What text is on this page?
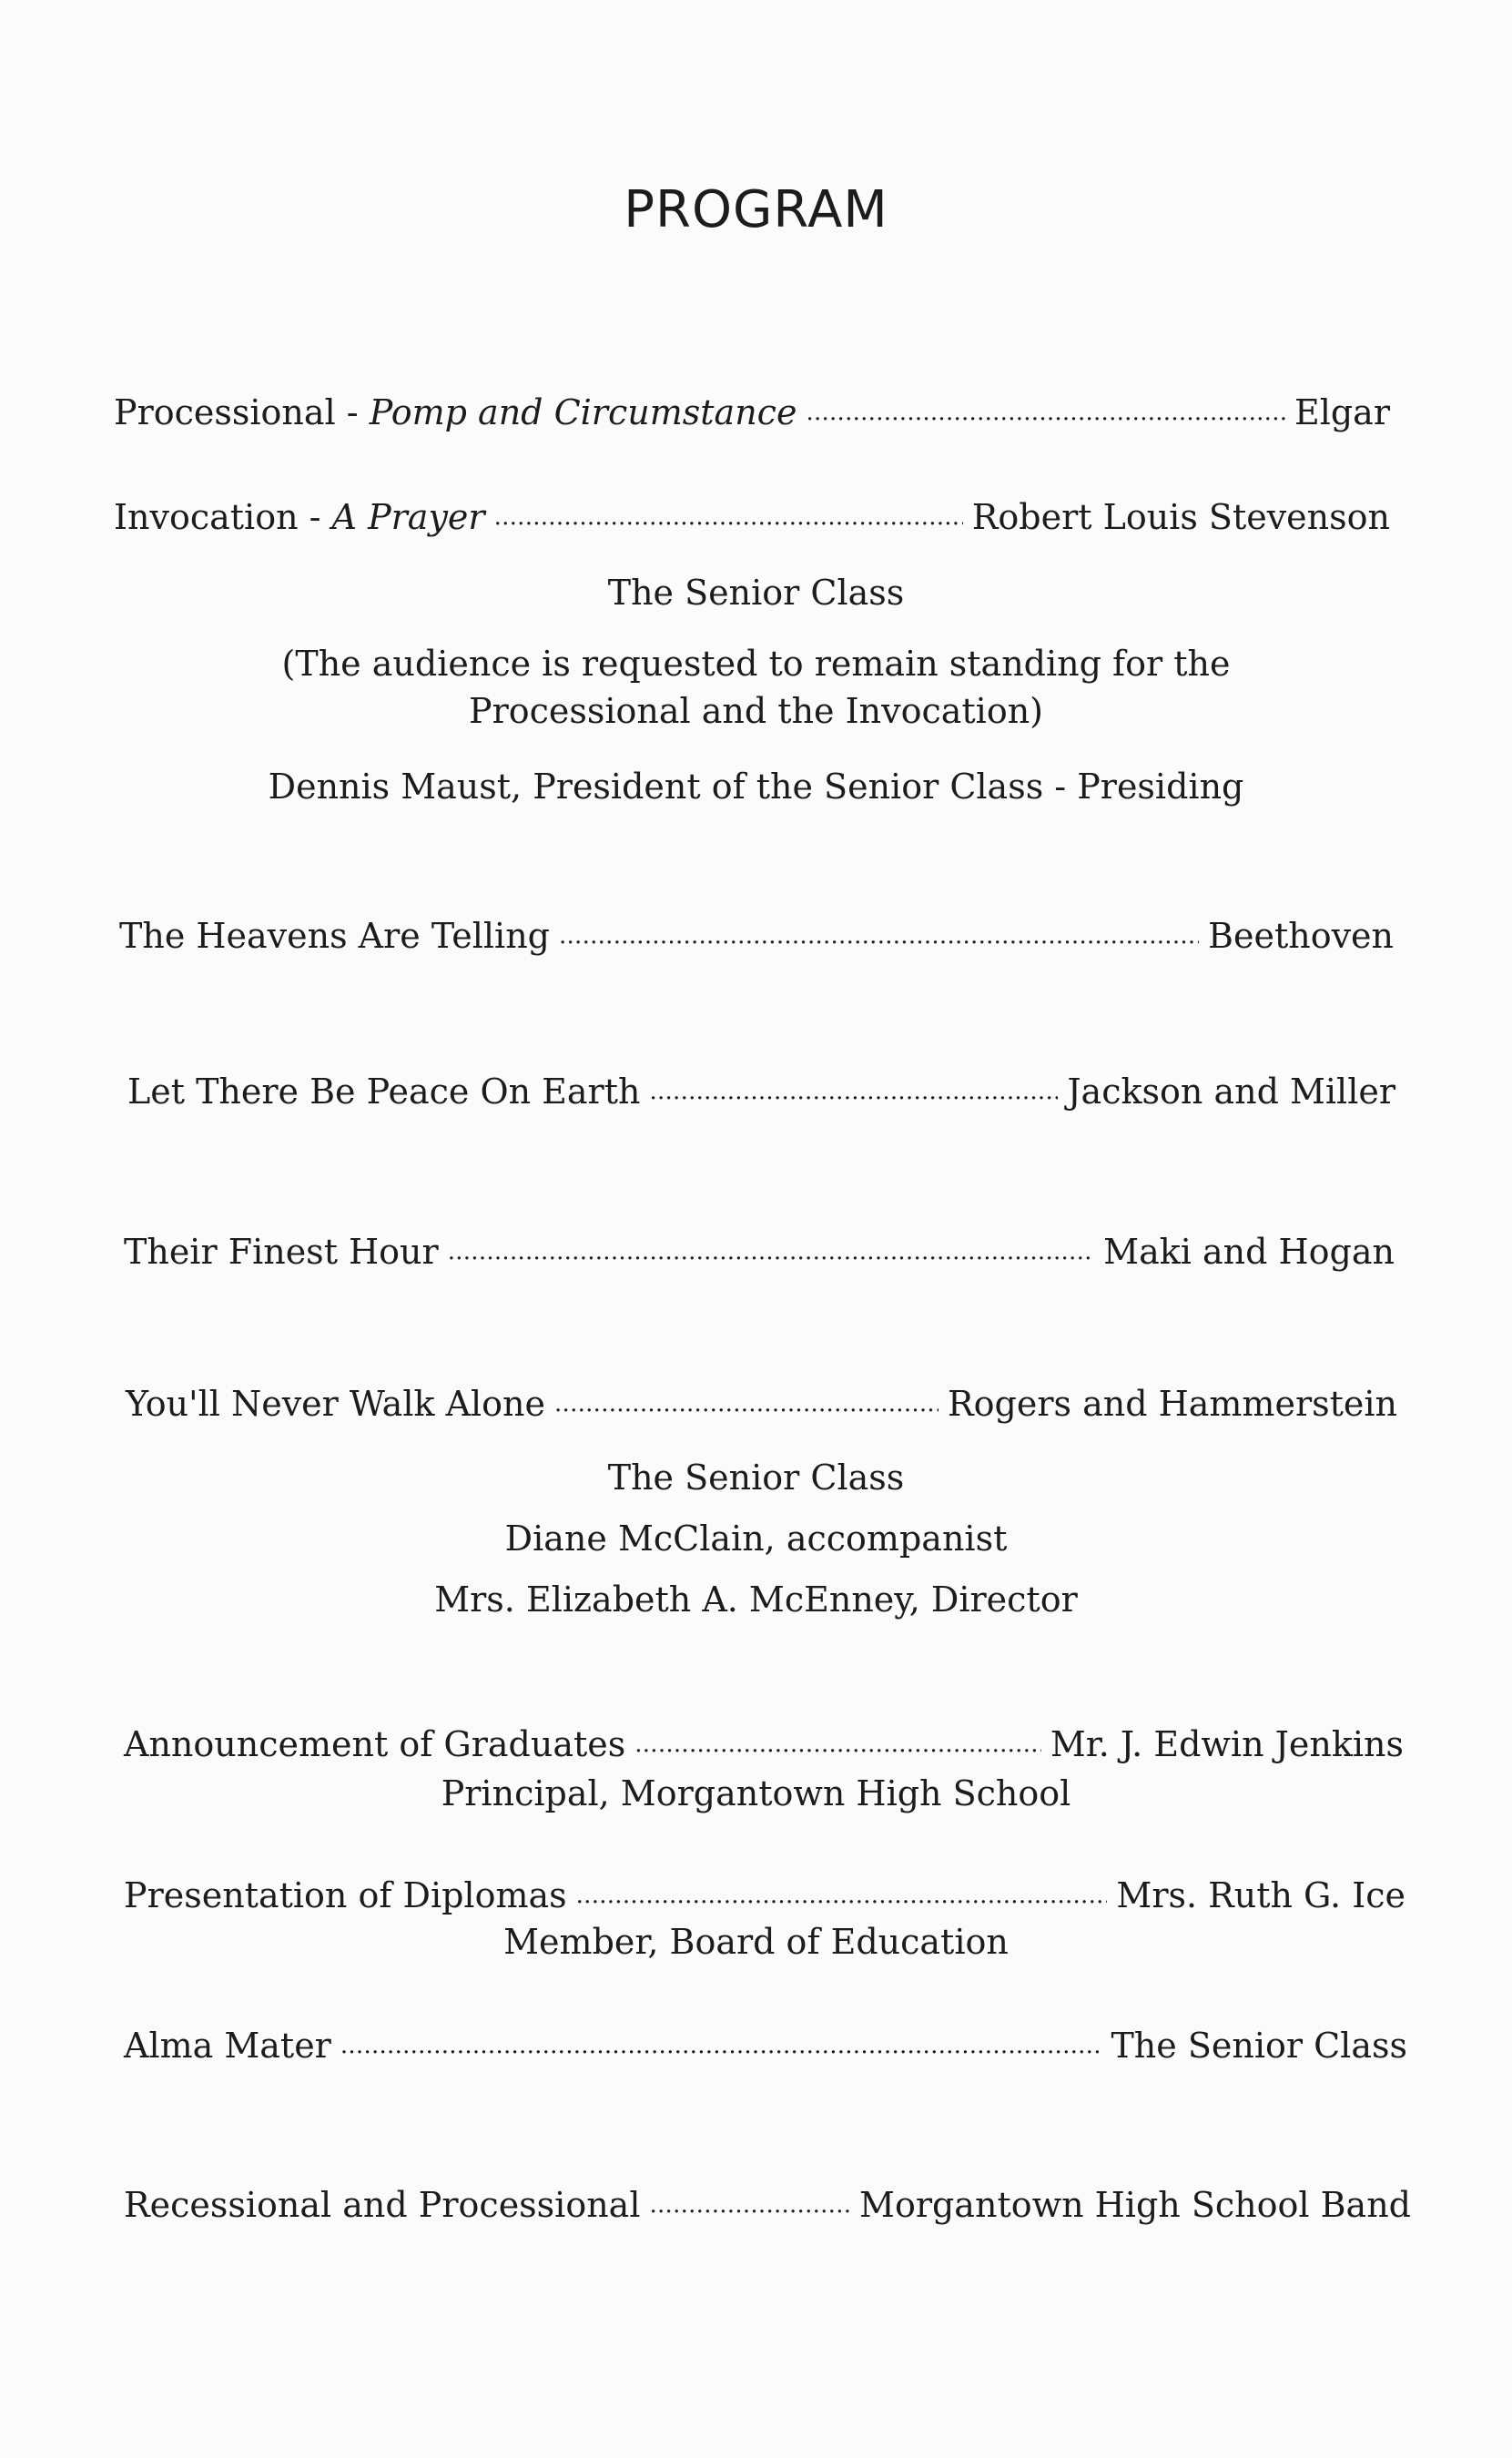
PROGRAM
Processional - Pomp and Circumstance . . .	Elgar
Invocation - A Prayer . . .	Robert Louis Stevenson
The Senior Class
(The audience is requested to remain standing for the
Processional and the Invocation)
Dennis Maust, President of the Senior Class - Presiding
The Heavens Are Telling . . .	Beethoven
Let There Be Peace On Earth . . .	Jackson and Miller
Their Finest Hour . . .	Maki and Hogan
You'll Never Walk Alone . . .	Rogers and Hammerstein
The Senior Class
Diane McClain, accompanist
Mrs. Elizabeth A. McEnney, Director
Announcement of Graduates . . .	Mr. J. Edwin Jenkins
Principal, Morgantown High School
Presentation of Diplomas . . .	Mrs. Ruth G. Ice
Member, Board of Education
Alma Mater . . .	The Senior Class
Recessional and Processional . . .	Morgantown High School Band
